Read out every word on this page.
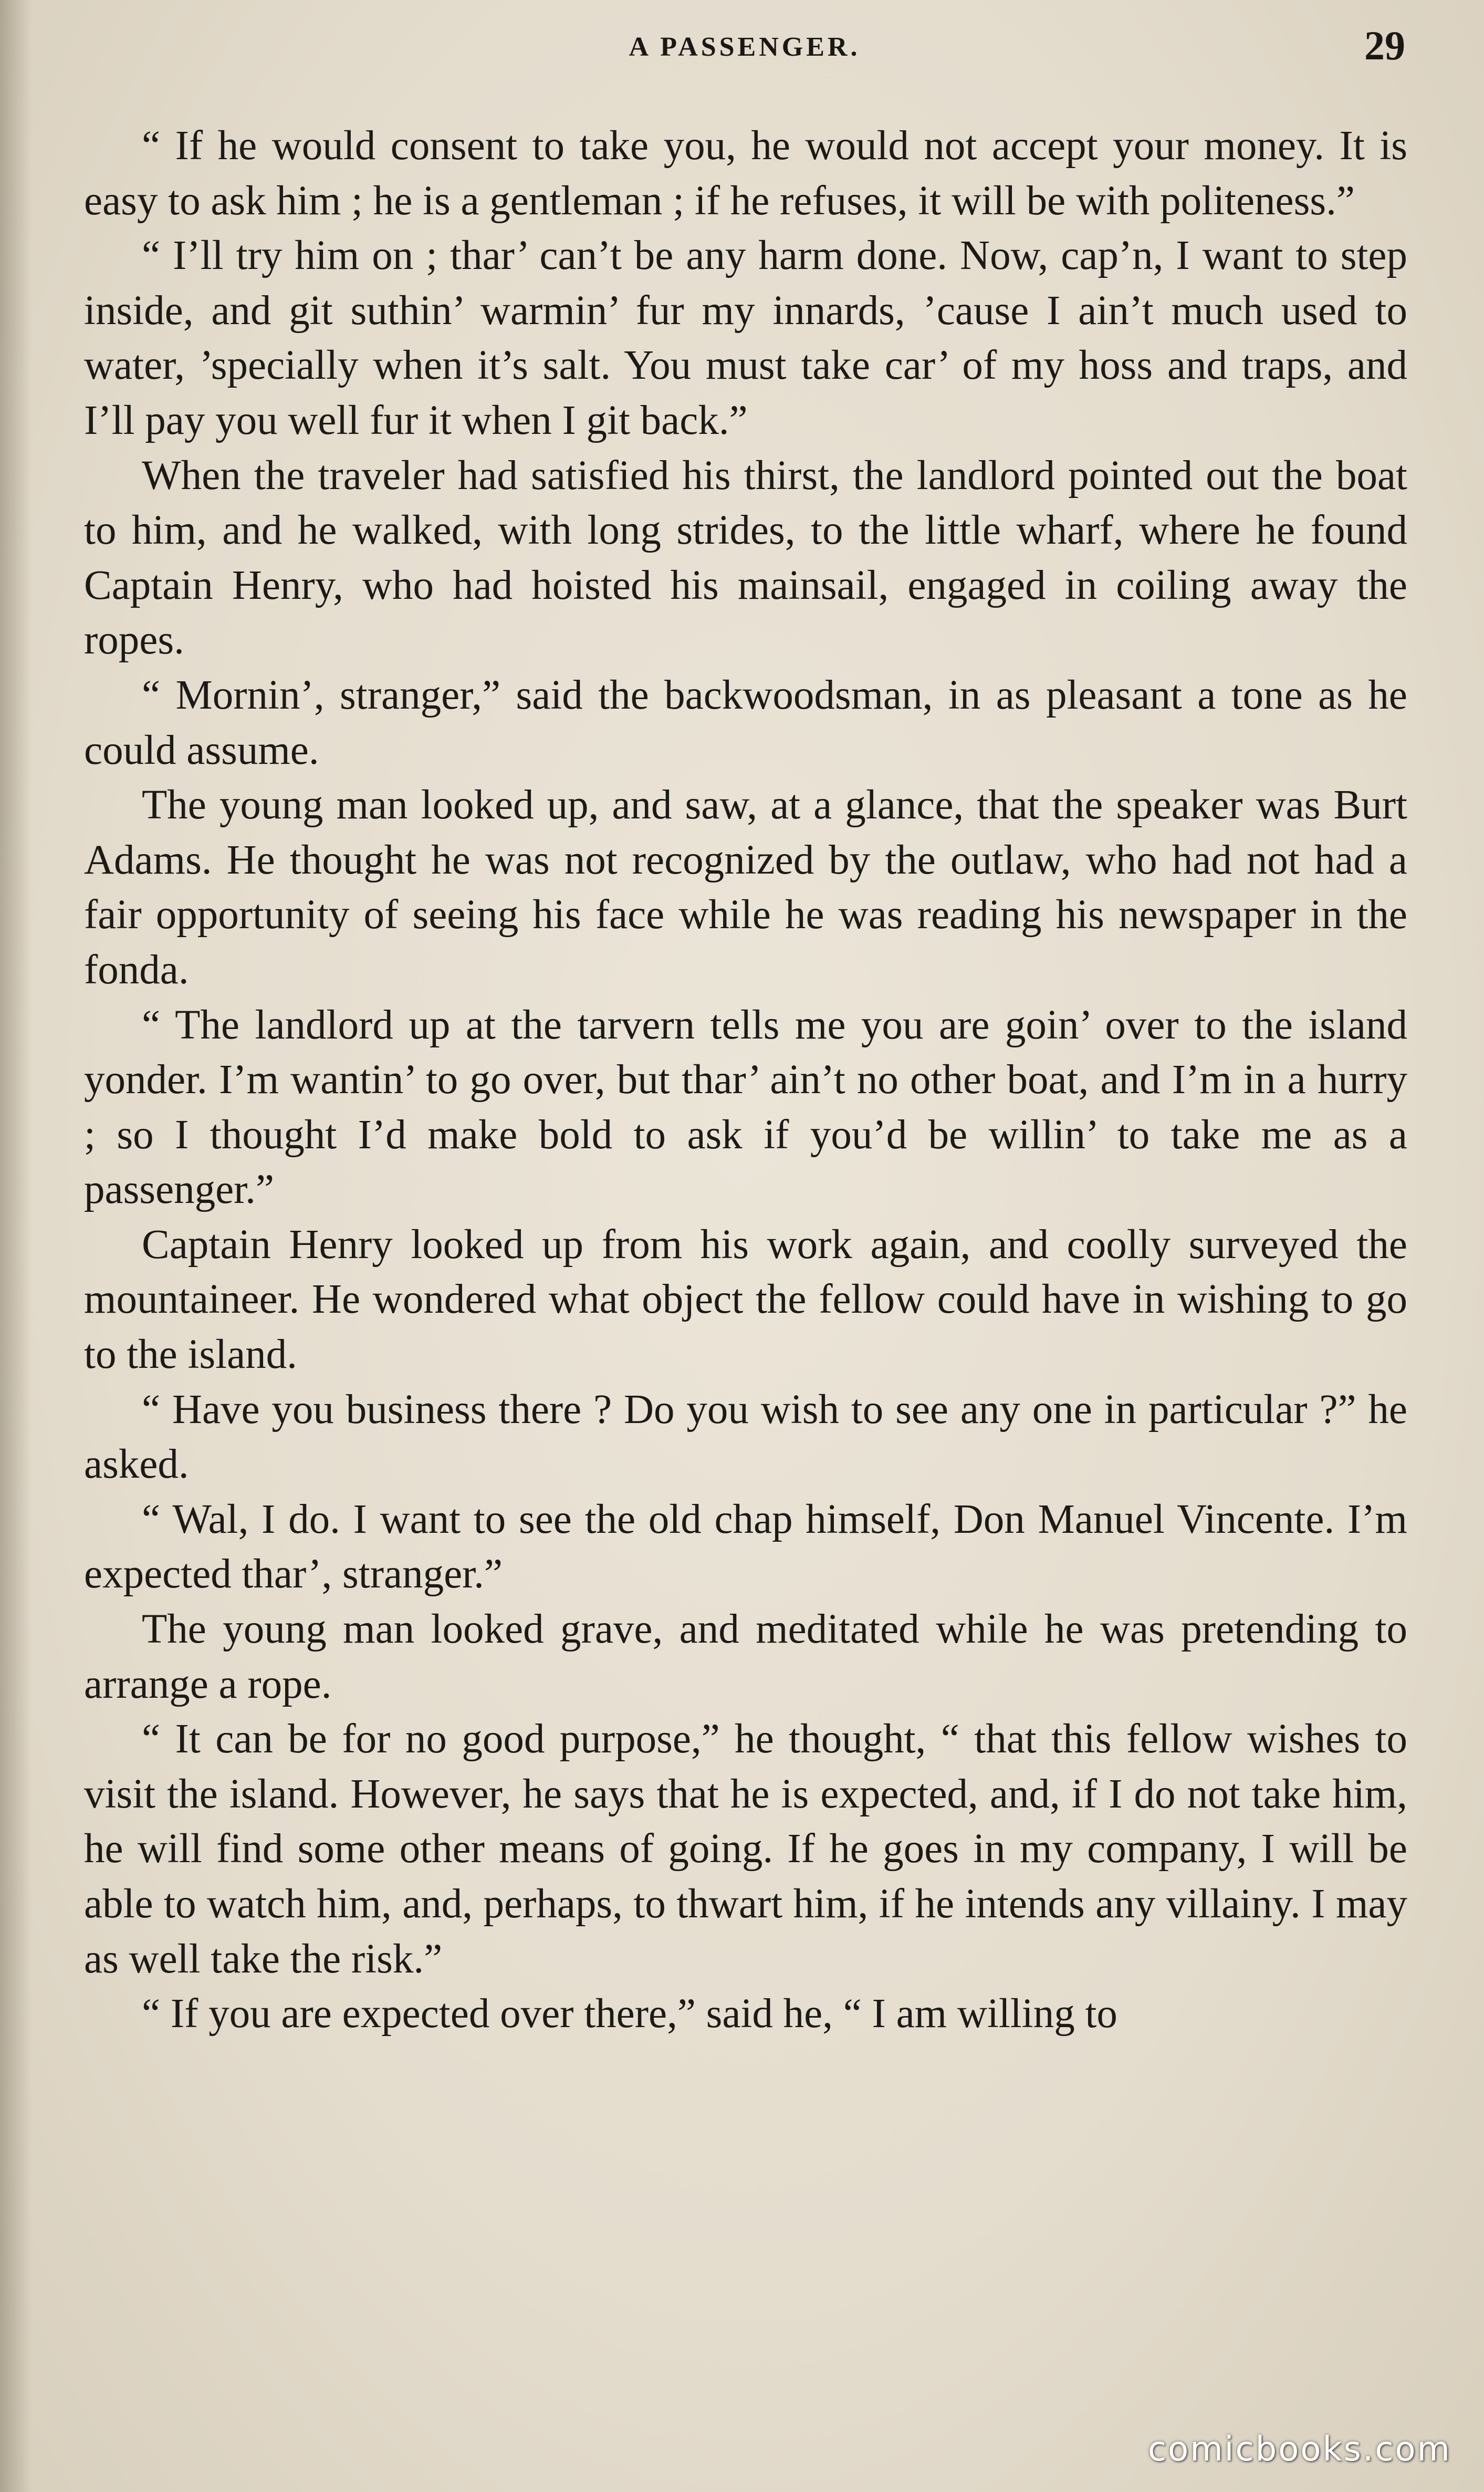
A PASSENGER.	29

“ If he would consent to take you, he would not accept your money. It is easy to ask him ; he is a gentleman ; if he refuses, it will be with politeness.”

“ I’ll try him on ; thar’ can’t be any harm done. Now, cap’n, I want to step inside, and git suthin’ warmin’ fur my innards, ’cause I ain’t much used to water, ’specially when it’s salt. You must take car’ of my hoss and traps, and I’ll pay you well fur it when I git back.”

When the traveler had satisfied his thirst, the landlord pointed out the boat to him, and he walked, with long strides, to the little wharf, where he found Captain Henry, who had hoisted his mainsail, engaged in coiling away the ropes.

“ Mornin’, stranger,” said the backwoodsman, in as pleasant a tone as he could assume.

The young man looked up, and saw, at a glance, that the speaker was Burt Adams. He thought he was not recognized by the outlaw, who had not had a fair opportunity of seeing his face while he was reading his newspaper in the fonda.

“ The landlord up at the tarvern tells me you are goin’ over to the island yonder. I’m wantin’ to go over, but thar’ ain’t no other boat, and I’m in a hurry ; so I thought I’d make bold to ask if you’d be willin’ to take me as a passenger.”

Captain Henry looked up from his work again, and coolly surveyed the mountaineer. He wondered what object the fellow could have in wishing to go to the island.

“ Have you business there ? Do you wish to see any one in particular ?” he asked.

“ Wal, I do. I want to see the old chap himself, Don Manuel Vincente. I’m expected thar’, stranger.”

The young man looked grave, and meditated while he was pretending to arrange a rope.

“ It can be for no good purpose,” he thought, “ that this fellow wishes to visit the island. However, he says that he is expected, and, if I do not take him, he will find some other means of going. If he goes in my company, I will be able to watch him, and, perhaps, to thwart him, if he intends any villainy. I may as well take the risk.”

“ If you are expected over there,” said he, “ I am willing to

comicbooks.com
